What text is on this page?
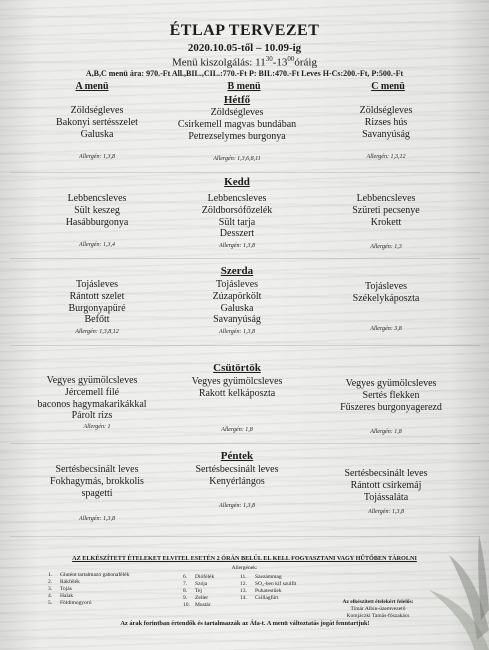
ÉTLAP TERVEZET
2020.10.05-től – 10.09-ig
Menü kiszolgálás: $11^{30}-13^{00}óráig$
A,B,C menü ára: 970.-Ft All.,BIL.,CIL.:770.-Ft P: BIL:470.-Ft Leves H-Cs:200.-Ft, P:500.-Ft
A menü	B menü	C menü
Hétfő
Zöldségleves
Bakonyi sertésszelet
Galuska
Allergén: 1,3,8
Zöldségleves
Csirkemell magvas bundában
Petrezselymes burgonya
Allergén: 1,3,6,8,11
Zöldségleves
Rizses hús
Savanyúság
Allergén: 1,3,12
Kedd
Lebbencsleves
Sült keszeg
Hasábburgonya
Allergén: 1,3,4
Lebbencsleves
Zöldborsófőzelék
Sült tarja
Desszert
Allergén: 1,3,8
Lebbencsleves
Szüreti pecsenye
Krokett
Allergén: 1,3
Szerda
Tojásleves
Rántott szelet
Burgonyapüré
Befőtt
Allergén: 1,3,8,12
Tojásleves
Zúzapörkölt
Galuska
Savanyúság
Allergén: 1,3,8
Tojásleves
Székelykáposzta
Allergén: 3,8
Csütörtök
Vegyes gyümölcsleves
Jércemell filé
baconos hagymakarikákkal
Párolt rizs
Allergén: 1
Vegyes gyümölcsleves
Rakott kelkáposzta
Allergén: 1,8
Vegyes gyümölcsleves
Sertés flekken
Fűszeres burgonyagerezd
Allergén: 1,8
Péntek
Sertésbecsinált leves
Fokhagymás, brokkolis
spagetti
Allergén: 1,3,8
Sertésbecsinált leves
Kenyérlángos
Allergén: 1,3,8
Sertésbecsinált leves
Rántott csirkemáj
Tojássaláta
Allergén: 1,3,8
AZ ELKÉSZÍTETT ÉTELEKET ELVITEL ESETÉN 2 ÓRÁN BELÜL EL KELL FOGYASZTANI VAGY HŰTŐBEN TÁROLNI
Allergének:
1. Glutént tartalmazó gabonafélék
2. Rákfélék
3. Tojás
4. Halak
5. Földimogyoró
6. Diófélék
7. Szója
8. Tej
9. Zeller
10. Mustár
11. Szezámmag
12. SO₂-ben kif szulfit
13. Puhatestűek
14. Csillagfürt
Az elkészített ételekért felelős:
Timár Albin-üzemvezető
Komjáczki Tamás-főszakács
Az árak forintban értendők és tartalmazzák az Áfa-t. A menü változtatás jogát fenntartjuk!
